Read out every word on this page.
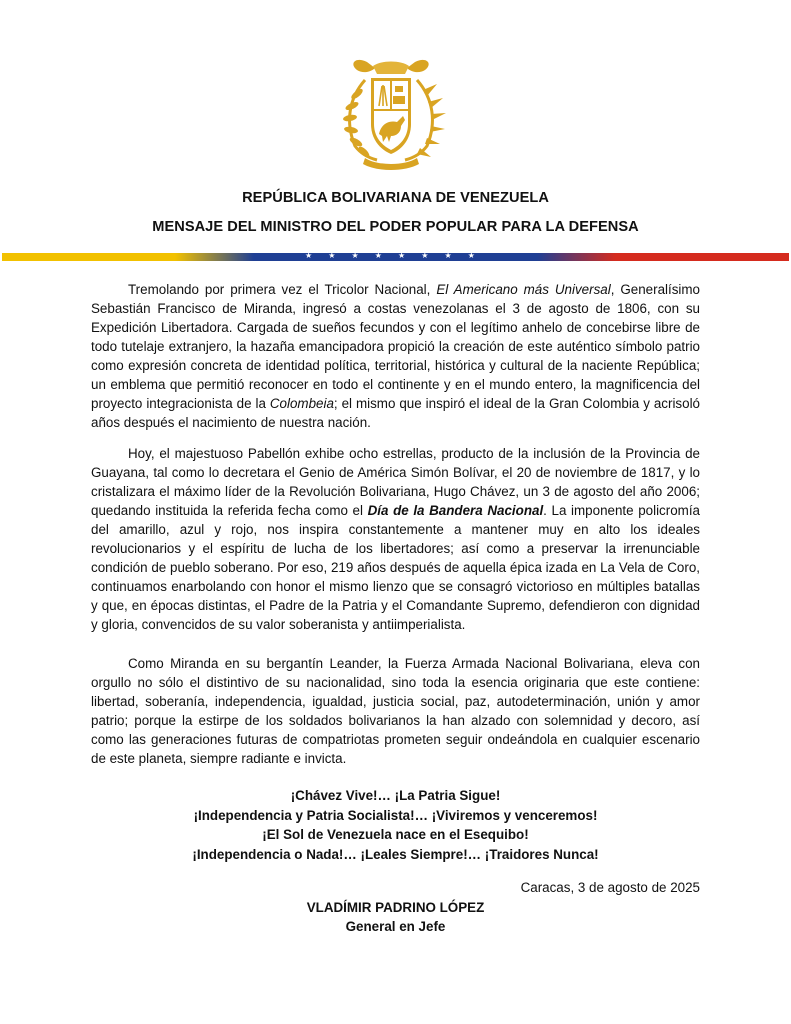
REPÚBLICA BOLIVARIANA DE VENEZUELA
MENSAJE DEL MINISTRO DEL PODER POPULAR PARA LA DEFENSA
★ ★ ★ ★ ★ ★ ★ ★

Tremolando por primera vez el Tricolor Nacional, El Americano más Universal, Generalísimo Sebastián Francisco de Miranda, ingresó a costas venezolanas el 3 de agosto de 1806, con su Expedición Libertadora. Cargada de sueños fecundos y con el legítimo anhelo de concebirse libre de todo tutelaje extranjero, la hazaña emancipadora propició la creación de este auténtico símbolo patrio como expresión concreta de identidad política, territorial, histórica y cultural de la naciente República; un emblema que permitió reconocer en todo el continente y en el mundo entero, la magnificencia del proyecto integracionista de la Colombeia; el mismo que inspiró el ideal de la Gran Colombia y acrisoló años después el nacimiento de nuestra nación.

Hoy, el majestuoso Pabellón exhibe ocho estrellas, producto de la inclusión de la Provincia de Guayana, tal como lo decretara el Genio de América Simón Bolívar, el 20 de noviembre de 1817, y lo cristalizara el máximo líder de la Revolución Bolivariana, Hugo Chávez, un 3 de agosto del año 2006; quedando instituida la referida fecha como el Día de la Bandera Nacional. La imponente policromía del amarillo, azul y rojo, nos inspira constantemente a mantener muy en alto los ideales revolucionarios y el espíritu de lucha de los libertadores; así como a preservar la irrenunciable condición de pueblo soberano. Por eso, 219 años después de aquella épica izada en La Vela de Coro, continuamos enarbolando con honor el mismo lienzo que se consagró victorioso en múltiples batallas y que, en épocas distintas, el Padre de la Patria y el Comandante Supremo, defendieron con dignidad y gloria, convencidos de su valor soberanista y antiimperialista.

Como Miranda en su bergantín Leander, la Fuerza Armada Nacional Bolivariana, eleva con orgullo no sólo el distintivo de su nacionalidad, sino toda la esencia originaria que este contiene: libertad, soberanía, independencia, igualdad, justicia social, paz, autodeterminación, unión y amor patrio; porque la estirpe de los soldados bolivarianos la han alzado con solemnidad y decoro, así como las generaciones futuras de compatriotas prometen seguir ondeándola en cualquier escenario de este planeta, siempre radiante e invicta.

¡Chávez Vive!… ¡La Patria Sigue!
¡Independencia y Patria Socialista!… ¡Viviremos y venceremos!
¡El Sol de Venezuela nace en el Esequibo!
¡Independencia o Nada!… ¡Leales Siempre!… ¡Traidores Nunca!
Caracas, 3 de agosto de 2025
VLADÍMIR PADRINO LÓPEZ
General en Jefe
